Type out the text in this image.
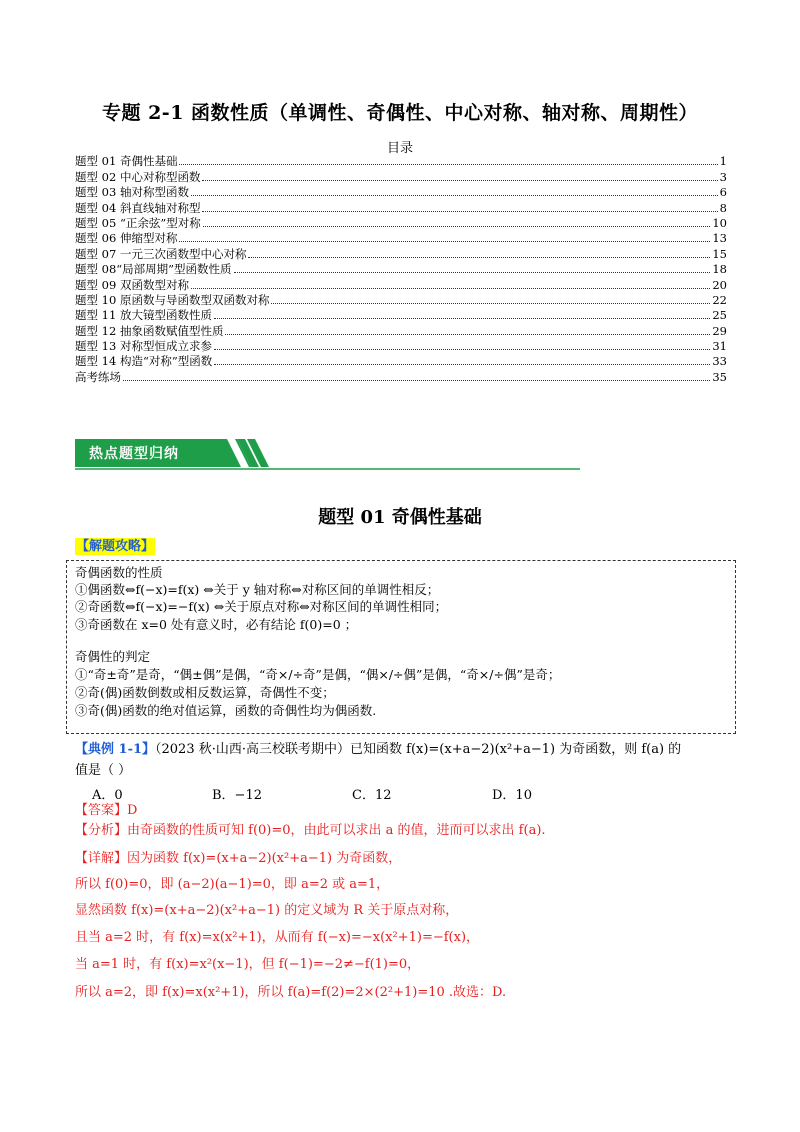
专题 2-1 函数性质（单调性、奇偶性、中心对称、轴对称、周期性）
目录
题型 01 奇偶性基础	1
题型 02 中心对称型函数	3
题型 03 轴对称型函数	6
题型 04 斜直线轴对称型	8
题型 05 “正余弦”型对称	10
题型 06 伸缩型对称	13
题型 07 一元三次函数型中心对称	15
题型 08“局部周期”型函数性质	18
题型 09 双函数型对称	20
题型 10 原函数与导函数型双函数对称	22
题型 11 放大镜型函数性质	25
题型 12 抽象函数赋值型性质	29
题型 13 对称型恒成立求参	31
题型 14 构造“对称”型函数	33
高考练场	35
热点题型归纳
题型 01 奇偶性基础
【解题攻略】
奇偶函数的性质
①偶函数⇔f(−x)=f(x) ⇔关于 y 轴对称⇔对称区间的单调性相反；
②奇函数⇔f(−x)=−f(x) ⇔关于原点对称⇔对称区间的单调性相同；
③奇函数在 x=0 处有意义时，必有结论 f(0)=0 ；
奇偶性的判定
①“奇±奇”是奇，“偶±偶”是偶，“奇×/÷奇”是偶，“偶×/÷偶”是偶，“奇×/÷偶”是奇；
②奇(偶)函数倒数或相反数运算，奇偶性不变；
③奇(偶)函数的绝对值运算，函数的奇偶性均为偶函数.
【典例 1-1】（2023 秋·山西·高三校联考期中）已知函数 f(x)=(x+a−2)(x²+a−1) 为奇函数，则 f(a) 的
值是（ ）
A．0	B．−12	C．12	D．10
【答案】D
【分析】由奇函数的性质可知 f(0)=0，由此可以求出 a 的值，进而可以求出 f(a).
【详解】因为函数 f(x)=(x+a−2)(x²+a−1) 为奇函数，
所以 f(0)=0，即 (a−2)(a−1)=0，即 a=2 或 a=1，
显然函数 f(x)=(x+a−2)(x²+a−1) 的定义域为 R 关于原点对称，
且当 a=2 时，有 f(x)=x(x²+1)，从而有 f(−x)=−x(x²+1)=−f(x)，
当 a=1 时，有 f(x)=x²(x−1)，但 f(−1)=−2≠−f(1)=0，
所以 a=2，即 f(x)=x(x²+1)，所以 f(a)=f(2)=2×(2²+1)=10 .故选：D.
